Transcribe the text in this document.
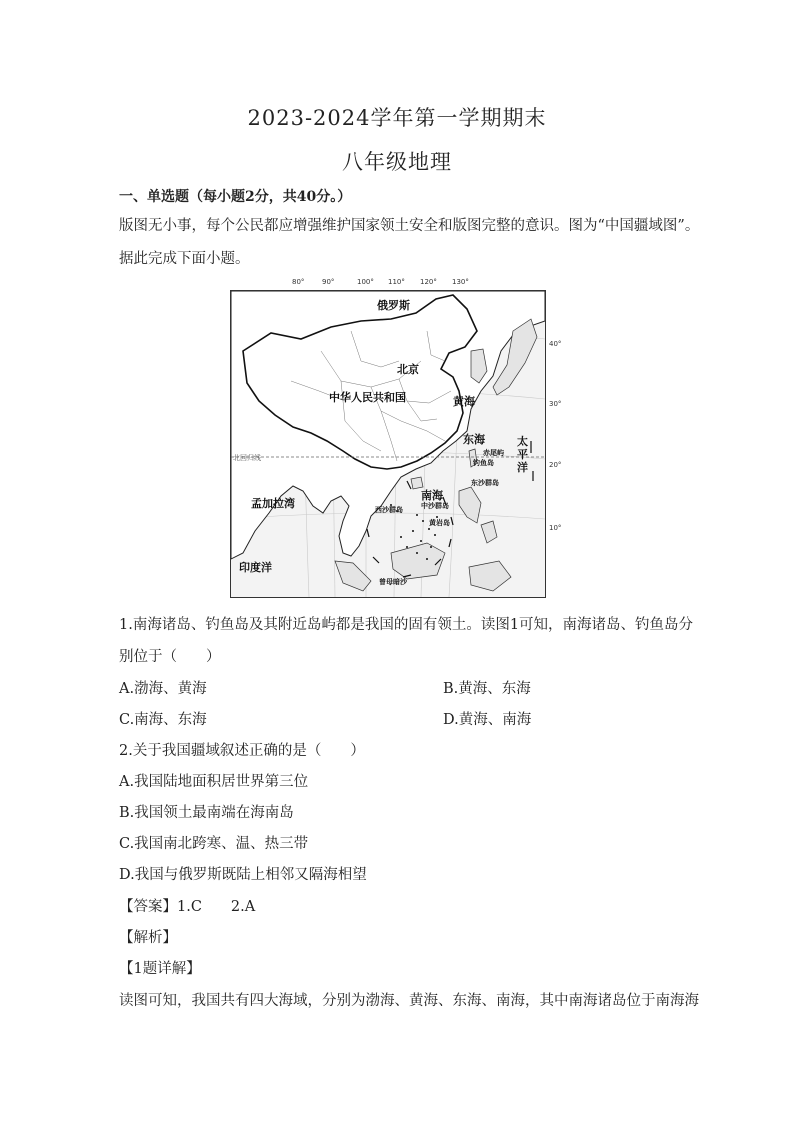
2023-2024学年第一学期期末
八年级地理
一、单选题（每小题2分，共40分。）
版图无小事，每个公民都应增强维护国家领土安全和版图完整的意识。图为“中国疆域图”。
据此完成下面小题。
80°	90°	100° 110° 120° 130°
俄罗斯
北京
中华人民共和国	黄海
东海
赤尾屿
钓鱼岛
北回归线
太平洋
东沙群岛
南海
中沙群岛
西沙群岛
黄岩岛
孟加拉湾
印度洋
曾母暗沙
40°
30°
20°
10°
1.南海诸岛、钓鱼岛及其附近岛屿都是我国的固有领土。读图1可知，南海诸岛、钓鱼岛分
别位于（　　）
A.渤海、黄海	B.黄海、东海
C.南海、东海	D.黄海、南海
2.关于我国疆域叙述正确的是（　　）
A.我国陆地面积居世界第三位
B.我国领土最南端在海南岛
C.我国南北跨寒、温、热三带
D.我国与俄罗斯既陆上相邻又隔海相望
【答案】1.C　　2.A
【解析】
【1题详解】
读图可知，我国共有四大海域，分别为渤海、黄海、东海、南海，其中南海诸岛位于南海海
